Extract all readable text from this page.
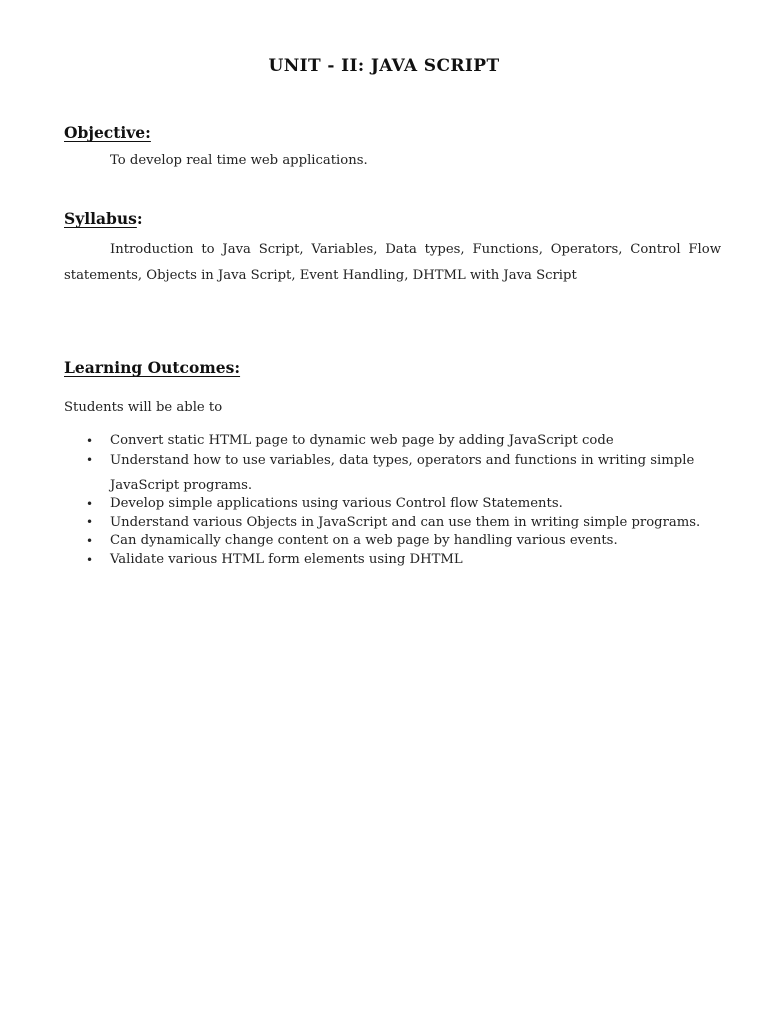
UNIT - II: JAVA SCRIPT
Objective:
To develop real time web applications.
Syllabus:
Introduction to Java Script, Variables, Data types, Functions, Operators, Control Flow statements, Objects in Java Script, Event Handling, DHTML with Java Script
Learning Outcomes:
Students will be able to
• Convert static HTML page to dynamic web page by adding JavaScript code
• Understand how to use variables, data types, operators and functions in writing simple JavaScript programs.
• Develop simple applications using various Control flow Statements.
• Understand various Objects in JavaScript and can use them in writing simple programs.
• Can dynamically change content on a web page by handling various events.
• Validate various HTML form elements using DHTML
